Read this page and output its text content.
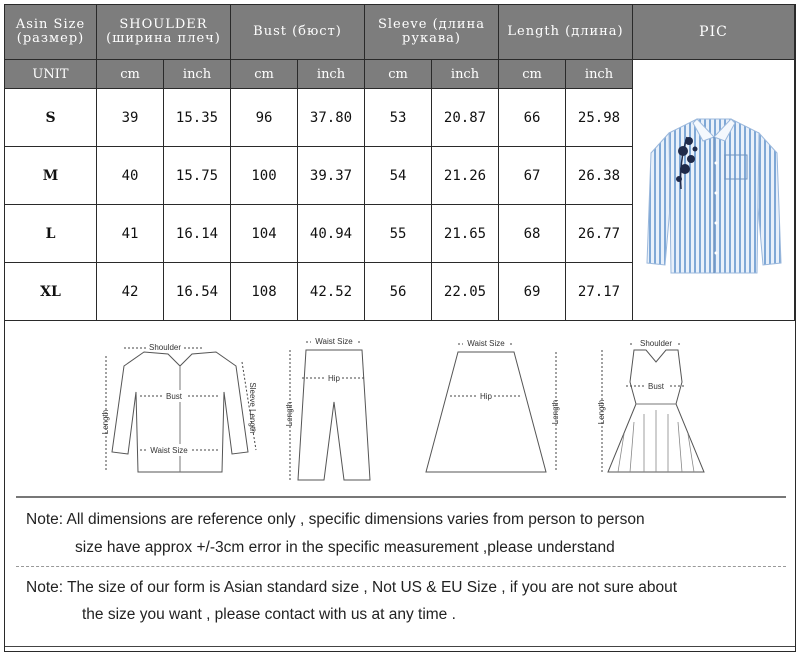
Asin Size (размер)	SHOULDER (ширина плеч)		Bust (бюст)		Sleeve (длина рукава)		Length (длина)		PIC
UNIT	cm	inch	cm	inch	cm	inch	cm	inch	
S	39	15.35	96	37.80	53	20.87	66	25.98	
M	40	15.75	100	39.37	54	21.26	67	26.38	
L	41	16.14	104	40.94	55	21.65	68	26.77	
XL	42	16.54	108	42.52	56	22.05	69	27.17	
Shoulder
Bust
Waist Size
Length	Sleeve Length
Waist Size
Hip
Length
Waist Size
Hip
Length
Shoulder
Bust
Length
Note: All dimensions are reference only , specific dimensions varies from person to person
size have approx +/-3cm error in the specific measurement ,please understand
Note: The size of our form is Asian standard size , Not US & EU Size , if you are not sure about
the size you want , please contact with us at any time .
